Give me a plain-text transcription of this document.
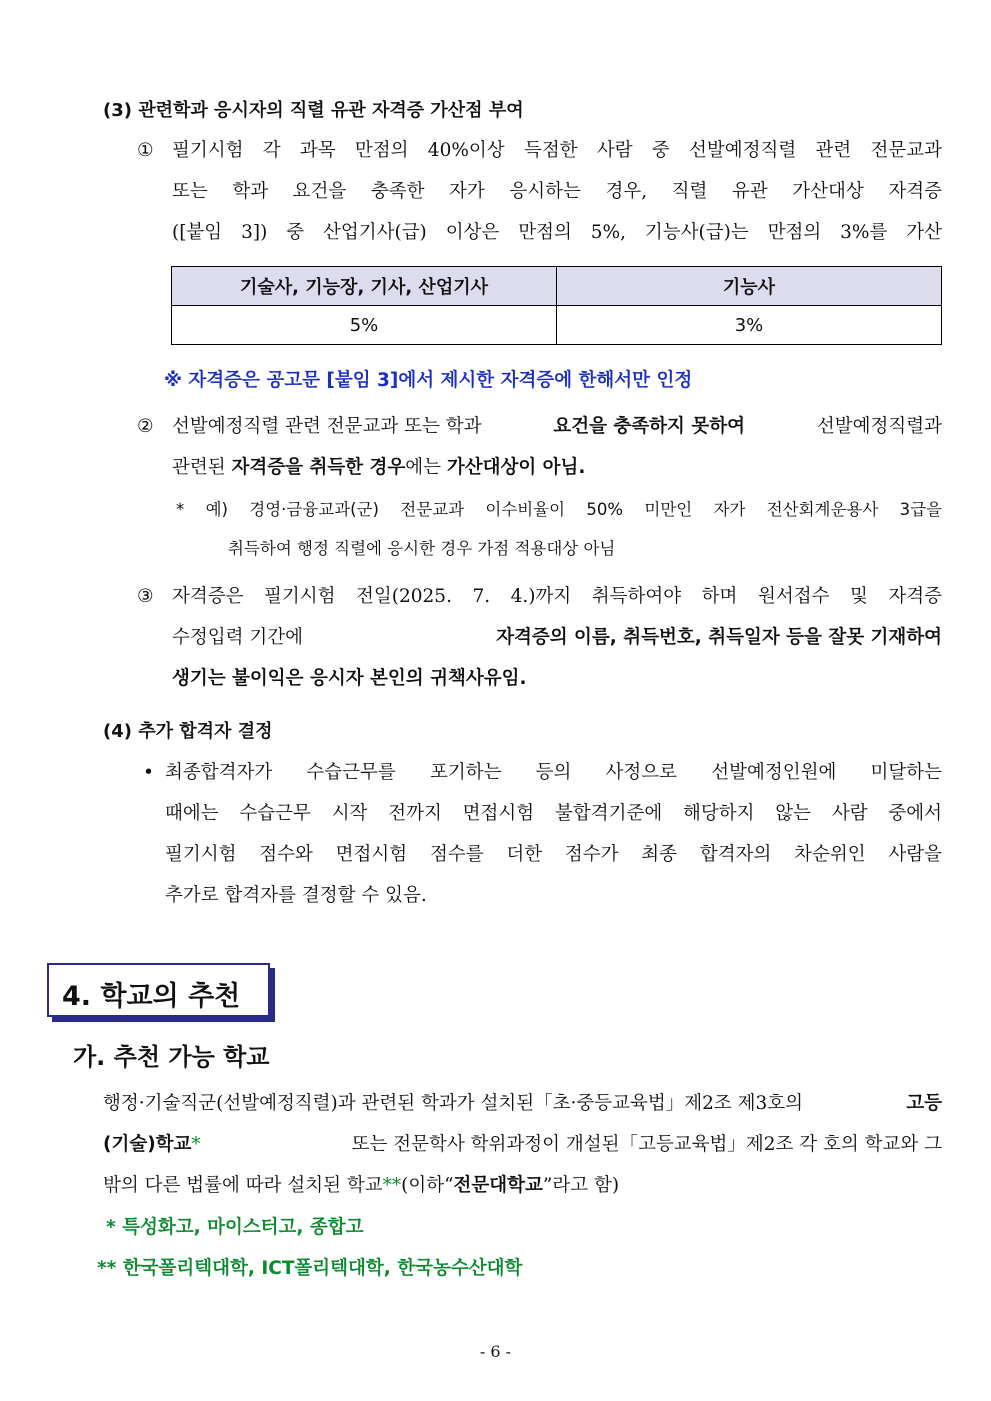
(3) 관련학과 응시자의 직렬 유관 자격증 가산점 부여
① 필기시험 각 과목 만점의 40%이상 득점한 사람 중 선발예정직렬 관련 전문교과
또는 학과 요건을 충족한 자가 응시하는 경우, 직렬 유관 가산대상 자격증
([붙임 3]) 중 산업기사(급) 이상은 만점의 5%, 기능사(급)는 만점의 3%를 가산
기술사, 기능장, 기사, 산업기사	기능사
5%	3%
※ 자격증은 공고문 [붙임 3]에서 제시한 자격증에 한해서만 인정
② 선발예정직렬 관련 전문교과 또는 학과	요건을 충족하지 못하여	선발예정직렬과
관련된 자격증을 취득한 경우에는 가산대상이 아님.
* 예) 경영·금융교과(군) 전문교과 이수비율이 50% 미만인 자가 전산회계운용사 3급을
취득하여 행정 직렬에 응시한 경우 가점 적용대상 아님
③ 자격증은 필기시험 전일(2025. 7. 4.)까지 취득하여야 하며 원서접수 및 자격증
수정입력 기간에	자격증의 이름, 취득번호, 취득일자 등을 잘못 기재하여
생기는 불이익은 응시자 본인의 귀책사유임.
(4) 추가 합격자 결정
• 최종합격자가 수습근무를 포기하는 등의 사정으로 선발예정인원에 미달하는
때에는 수습근무 시작 전까지 면접시험 불합격기준에 해당하지 않는 사람 중에서
필기시험 점수와 면접시험 점수를 더한 점수가 최종 합격자의 차순위인 사람을
추가로 합격자를 결정할 수 있음.
4. 학교의 추천
가. 추천 가능 학교
행정·기술직군(선발예정직렬)과 관련된 학과가 설치된「초·중등교육법」제2조 제3호의	고등
(기술)학교*	또는 전문학사 학위과정이 개설된「고등교육법」제2조 각 호의 학교와 그
밖의 다른 법률에 따라 설치된 학교**(이하“전문대학교”라고 함)
* 특성화고, 마이스터고, 종합고
** 한국폴리텍대학, ICT폴리텍대학, 한국농수산대학
- 6 -
